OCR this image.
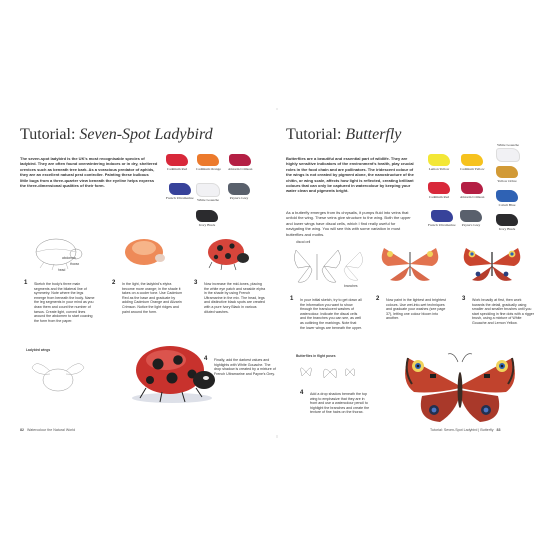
Tutorial: Seven-Spot Ladybird
The seven-spot ladybird is the UK's most recognisable species of ladybird. They are often found overwintering indoors or in dry, sheltered crevices such as beneath tree bark. As a voracious predator of aphids, they are an excellent natural pest controller. Painting these bulbous little bugs from a three-quarter view beneath the eyeline helps express the three-dimensional qualities of their form.
Cadmium Red	Cadmium Orange Alizarin Crimson
French Ultramarine White Gouache	Payne's Grey
Ivory Black
abdomen
thorax
head
1 Sketch the body's three main segments and the bilateral line of symmetry. Note where the legs emerge from beneath the body. Name the leg segments in your mind as you draw them and count the number of tarsus. Create light, curved lines around the abdomen to start coaxing the form from the paper.
2 In the light, the ladybird's elytra become more orange; in the shade it takes on a cooler tone. Use Cadmium Red as the base and graduate by adding Cadmium Orange and Alizarin Crimson. Notice the light ridges and paint around the form.
3 Now increase the mid-tones, placing the white eye patch and seaside elytra in the shade by using French Ultramarine in the mix. The head, legs and distinctive black spots are created with a pure Ivory Black in various diluted washes.
Ladybird wings
4 Finally, add the darkest values and highlights with White Gouache. The drop shadow is created by a mixture of French Ultramarine and Payne's Grey.
82 Watercolour the Natural World
Tutorial: Butterfly
Butterflies are a beautiful and essential part of wildlife. They are highly sensitive indicators of the environment's health, play crucial roles in the food chain and are pollinators. The iridescent colour of the wings is not created by pigment alone, the nanostructure of the chitin, or wing scale, affects how light is reflected, creating brilliant colours that can only be captured in watercolour by keeping your water clean and pigments bright.
As a butterfly emerges from its chrysalis, it pumps fluid into veins that unfold the wing. These veins give structure to the wing. Both the upper and lower wings have discal cells, which I find really useful for navigating the wing. You will see this with some variation in most butterflies and moths.
White Gouache
Lemon Yellow	Cadmium Yellow
Yellow Ochre
Cadmium Red	Alizarin Crimson
Cobalt Blue
French Ultramarine Payne's Grey
Ivory Black
discal cell
branches
1 In your initial sketch, try to get down all the information you want to show through the translucent washes of watercolour. Indicate the discal cells and the branches you can see, as well as outlining the markings. Note that the lower wings are beneath the upper.
2 Now paint in the lightest and brightest colours. Use wet-into-wet techniques and graduate your washes (see page 37), letting one colour bloom into another.
3 Work broadly at first, then work towards the detail, gradually using smaller and smaller brushes until you start speckling in fine dots with a rigger brush, using a mixture of White Gouache and Lemon Yellow.
Butterflies in flight poses
4 Add a drop shadow beneath the top wing to emphasize that they are in front and use a watercolour pencil to highlight the branches and create the texture of fine hairs on the thorax.
Tutorial: Seven-Spot Ladybird | Butterfly 83
